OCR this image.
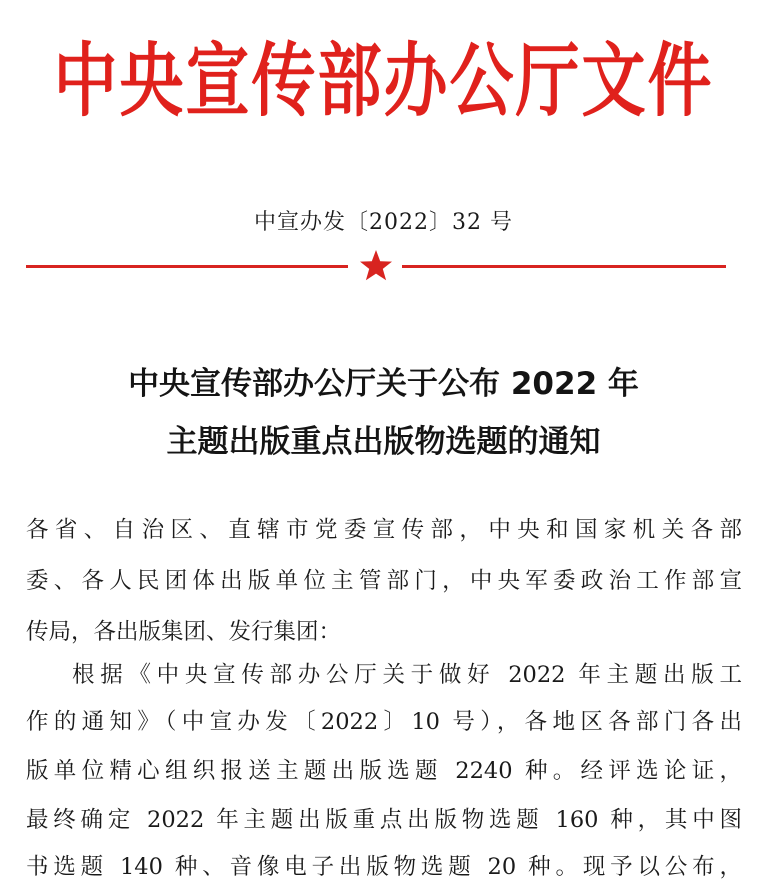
中央宣传部办公厅文件
中宣办发〔2022〕32 号
中央宣传部办公厅关于公布 2022 年
主题出版重点出版物选题的通知
各省、自治区、直辖市党委宣传部，中央和国家机关各部
委、各人民团体出版单位主管部门，中央军委政治工作部宣
传局，各出版集团、发行集团：
根据《中央宣传部办公厅关于做好 2022 年主题出版工
作的通知》（中宣办发〔2022〕10 号），各地区各部门各出
版单位精心组织报送主题出版选题 2240 种。经评选论证，
最终确定 2022 年主题出版重点出版物选题 160 种，其中图
书选题 140 种、音像电子出版物选题 20 种。现予以公布，
